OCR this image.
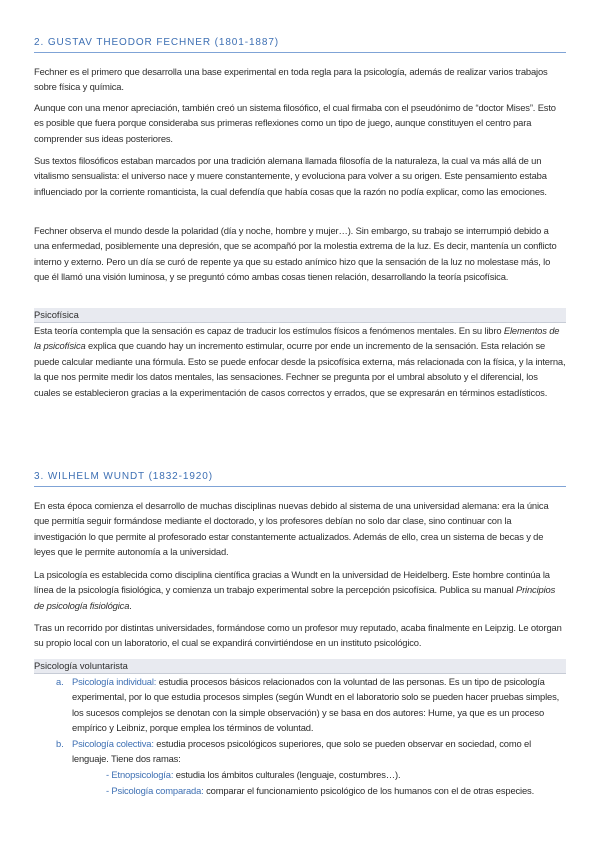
2. GUSTAV THEODOR FECHNER (1801-1887)

Fechner es el primero que desarrolla una base experimental en toda regla para la psicología, además de realizar varios trabajos sobre física y química.

Aunque con una menor apreciación, también creó un sistema filosófico, el cual firmaba con el pseudónimo de “doctor Mises”. Esto es posible que fuera porque consideraba sus primeras reflexiones como un tipo de juego, aunque constituyen el centro para comprender sus ideas posteriores.

Sus textos filosóficos estaban marcados por una tradición alemana llamada filosofía de la naturaleza, la cual va más allá de un vitalismo sensualista: el universo nace y muere constantemente, y evoluciona para volver a su origen. Este pensamiento estaba influenciado por la corriente romanticista, la cual defendía que había cosas que la razón no podía explicar, como las emociones.

Fechner observa el mundo desde la polaridad (día y noche, hombre y mujer…). Sin embargo, su trabajo se interrumpió debido a una enfermedad, posiblemente una depresión, que se acompañó por la molestia extrema de la luz. Es decir, mantenía un conflicto interno y externo. Pero un día se curó de repente ya que su estado anímico hizo que la sensación de la luz no molestase más, lo que él llamó una visión luminosa, y se preguntó cómo ambas cosas tienen relación, desarrollando la teoría psicofísica.

Psicofísica

Esta teoría contempla que la sensación es capaz de traducir los estímulos físicos a fenómenos mentales. En su libro Elementos de la psicofísica explica que cuando hay un incremento estimular, ocurre por ende un incremento de la sensación. Esta relación se puede calcular mediante una fórmula. Esto se puede enfocar desde la psicofísica externa, más relacionada con la física, y la interna, la que nos permite medir los datos mentales, las sensaciones. Fechner se pregunta por el umbral absoluto y el diferencial, los cuales se establecieron gracias a la experimentación de casos correctos y errados, que se expresarán en términos estadísticos.

3. WILHELM WUNDT (1832-1920)

En esta época comienza el desarrollo de muchas disciplinas nuevas debido al sistema de una universidad alemana: era la única que permitía seguir formándose mediante el doctorado, y los profesores debían no solo dar clase, sino continuar con la investigación lo que permite al profesorado estar constantemente actualizados. Además de ello, crea un sistema de becas y de leyes que le permite autonomía a la universidad.

La psicología es establecida como disciplina científica gracias a Wundt en la universidad de Heidelberg. Este hombre continúa la línea de la psicología fisiológica, y comienza un trabajo experimental sobre la percepción psicofísica. Publica su manual Principios de psicología fisiológica.

Tras un recorrido por distintas universidades, formándose como un profesor muy reputado, acaba finalmente en Leipzig. Le otorgan su propio local con un laboratorio, el cual se expandirá convirtiéndose en un instituto psicológico.

Psicología voluntarista
a. Psicología individual: estudia procesos básicos relacionados con la voluntad de las personas. Es un tipo de psicología experimental, por lo que estudia procesos simples (según Wundt en el laboratorio solo se pueden hacer pruebas simples, los sucesos complejos se denotan con la simple observación) y se basa en dos autores: Hume, ya que es un proceso empírico y Leibniz, porque emplea los términos de voluntad.
b. Psicología colectiva: estudia procesos psicológicos superiores, que solo se pueden observar en sociedad, como el lenguaje. Tiene dos ramas:
- Etnopsicología: estudia los ámbitos culturales (lenguaje, costumbres…).
- Psicología comparada: comparar el funcionamiento psicológico de los humanos con el de otras especies.
